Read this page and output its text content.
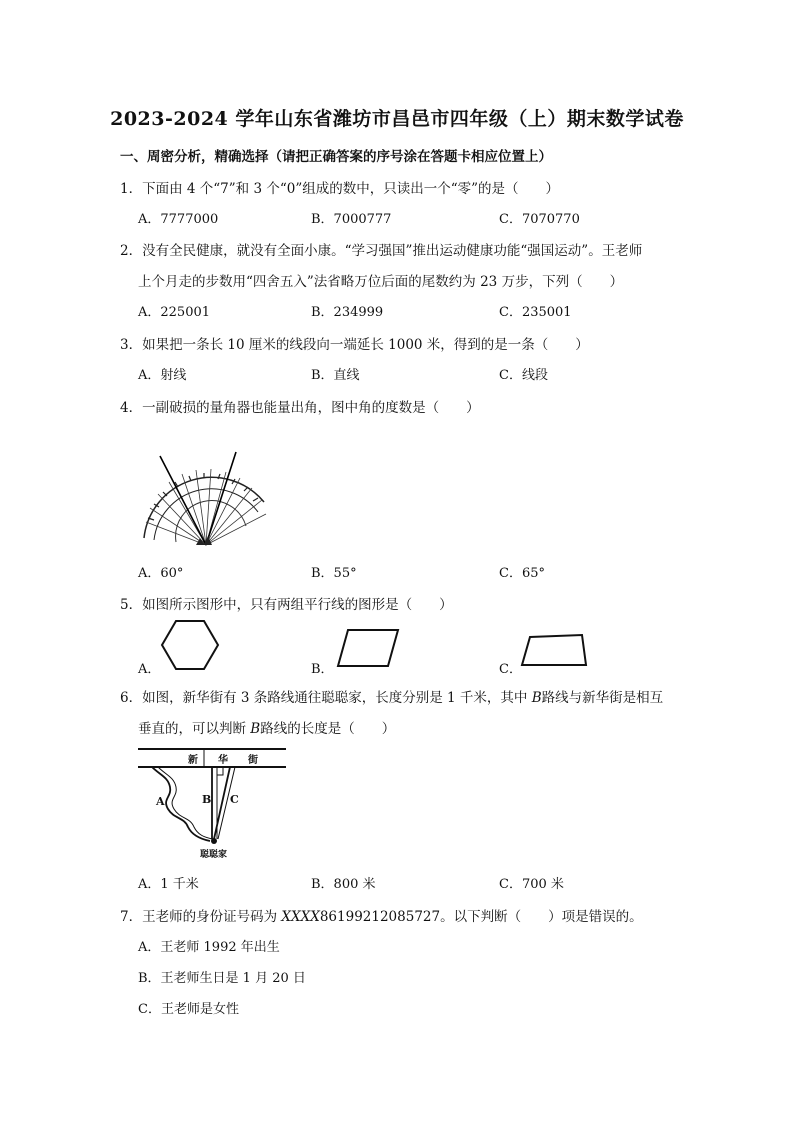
2023-2024 学年山东省潍坊市昌邑市四年级（上）期末数学试卷
一、周密分析，精确选择（请把正确答案的序号涂在答题卡相应位置上）
1．下面由 4 个“7”和 3 个“0”组成的数中，只读出一个“零”的是（　　）
A．7777000	B．7000777	C．7070770
2．没有全民健康，就没有全面小康。“学习强国”推出运动健康功能“强国运动”。王老师
上个月走的步数用“四舍五入”法省略万位后面的尾数约为 23 万步，下列（　　）
A．225001	B．234999	C．235001
3．如果把一条长 10 厘米的线段向一端延长 1000 米，得到的是一条（　　）
A．射线	B．直线	C．线段
4．一副破损的量角器也能量出角，图中角的度数是（　　）
A．60°	B．55°	C．65°
5．如图所示图形中，只有两组平行线的图形是（　　）
A．	B．	C．
6．如图，新华街有 3 条路线通往聪聪家，长度分别是 1 千米，其中 B路线与新华街是相互
垂直的，可以判断 B路线的长度是（　　）
新　　华　　街
A	B C
聪聪家
A．1 千米	B．800 米	C．700 米
7．王老师的身份证号码为 XXXX86199212085727。以下判断（　　）项是错误的。
A．王老师 1992 年出生
B．王老师生日是 1 月 20 日
C．王老师是女性
